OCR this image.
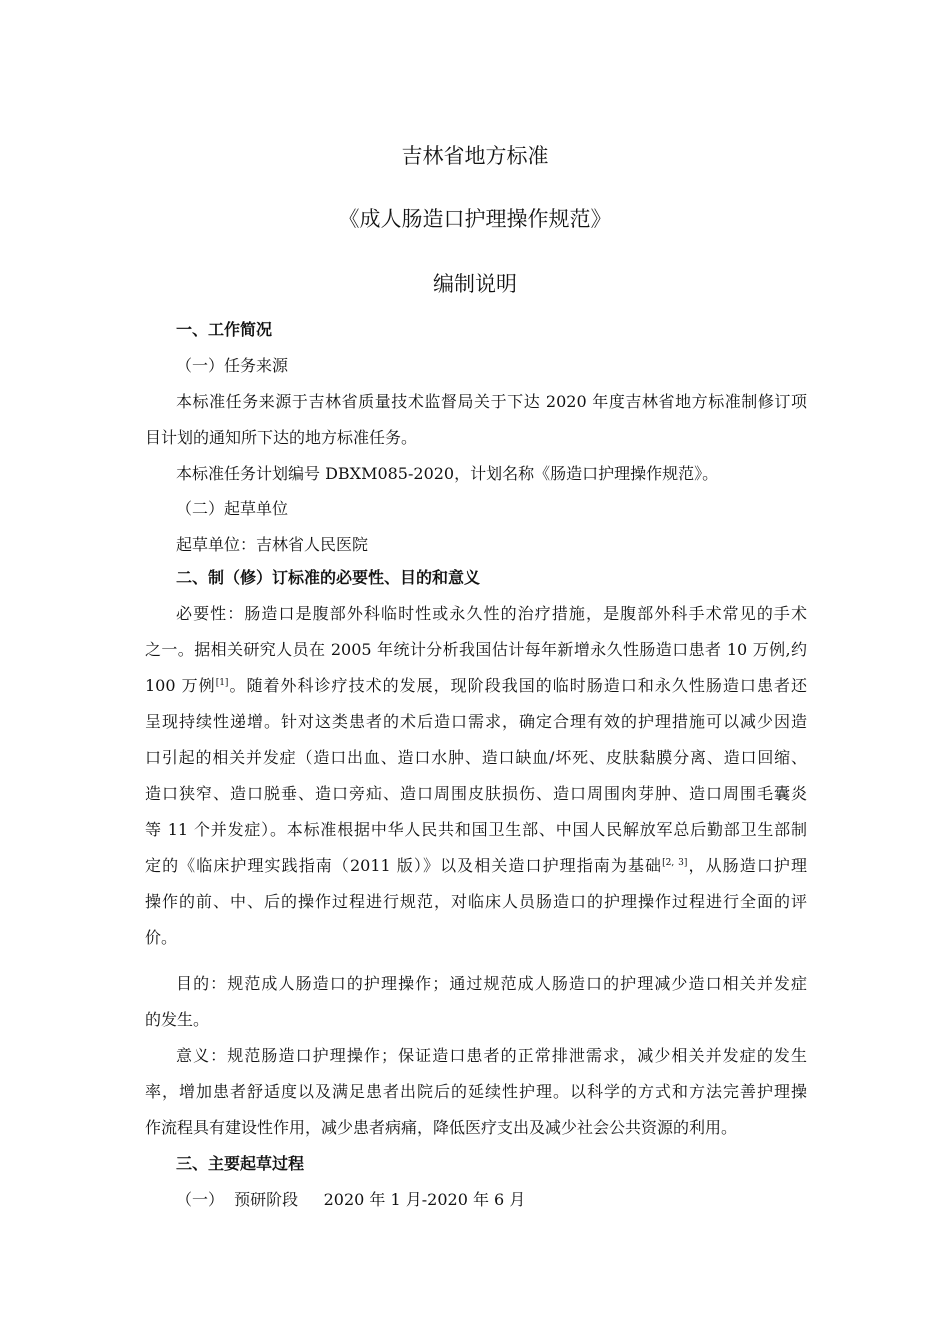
吉林省地方标准
《成人肠造口护理操作规范》
编制说明
一、工作简况
（一）任务来源
本标准任务来源于吉林省质量技术监督局关于下达 2020 年度吉林省地方标准制修订项
目计划的通知所下达的地方标准任务。
本标准任务计划编号 DBXM085-2020，计划名称《肠造口护理操作规范》。
（二）起草单位
起草单位：吉林省人民医院
二、制（修）订标准的必要性、目的和意义
必要性：肠造口是腹部外科临时性或永久性的治疗措施，是腹部外科手术常见的手术
之一。据相关研究人员在 2005 年统计分析我国估计每年新增永久性肠造口患者 10 万例,约
100 万例[1]。随着外科诊疗技术的发展，现阶段我国的临时肠造口和永久性肠造口患者还
呈现持续性递增。针对这类患者的术后造口需求，确定合理有效的护理措施可以减少因造
口引起的相关并发症（造口出血、造口水肿、造口缺血/坏死、皮肤黏膜分离、造口回缩、
造口狭窄、造口脱垂、造口旁疝、造口周围皮肤损伤、造口周围肉芽肿、造口周围毛囊炎
等 11 个并发症）。本标准根据中华人民共和国卫生部、中国人民解放军总后勤部卫生部制
定的《临床护理实践指南（2011 版）》以及相关造口护理指南为基础[2, 3]，从肠造口护理
操作的前、中、后的操作过程进行规范，对临床人员肠造口的护理操作过程进行全面的评
价。
目的：规范成人肠造口的护理操作；通过规范成人肠造口的护理减少造口相关并发症
的发生。
意义：规范肠造口护理操作；保证造口患者的正常排泄需求，减少相关并发症的发生
率，增加患者舒适度以及满足患者出院后的延续性护理。以科学的方式和方法完善护理操
作流程具有建设性作用，减少患者病痛，降低医疗支出及减少社会公共资源的利用。
三、主要起草过程
（一）  预研阶段     2020 年 1 月-2020 年 6 月
